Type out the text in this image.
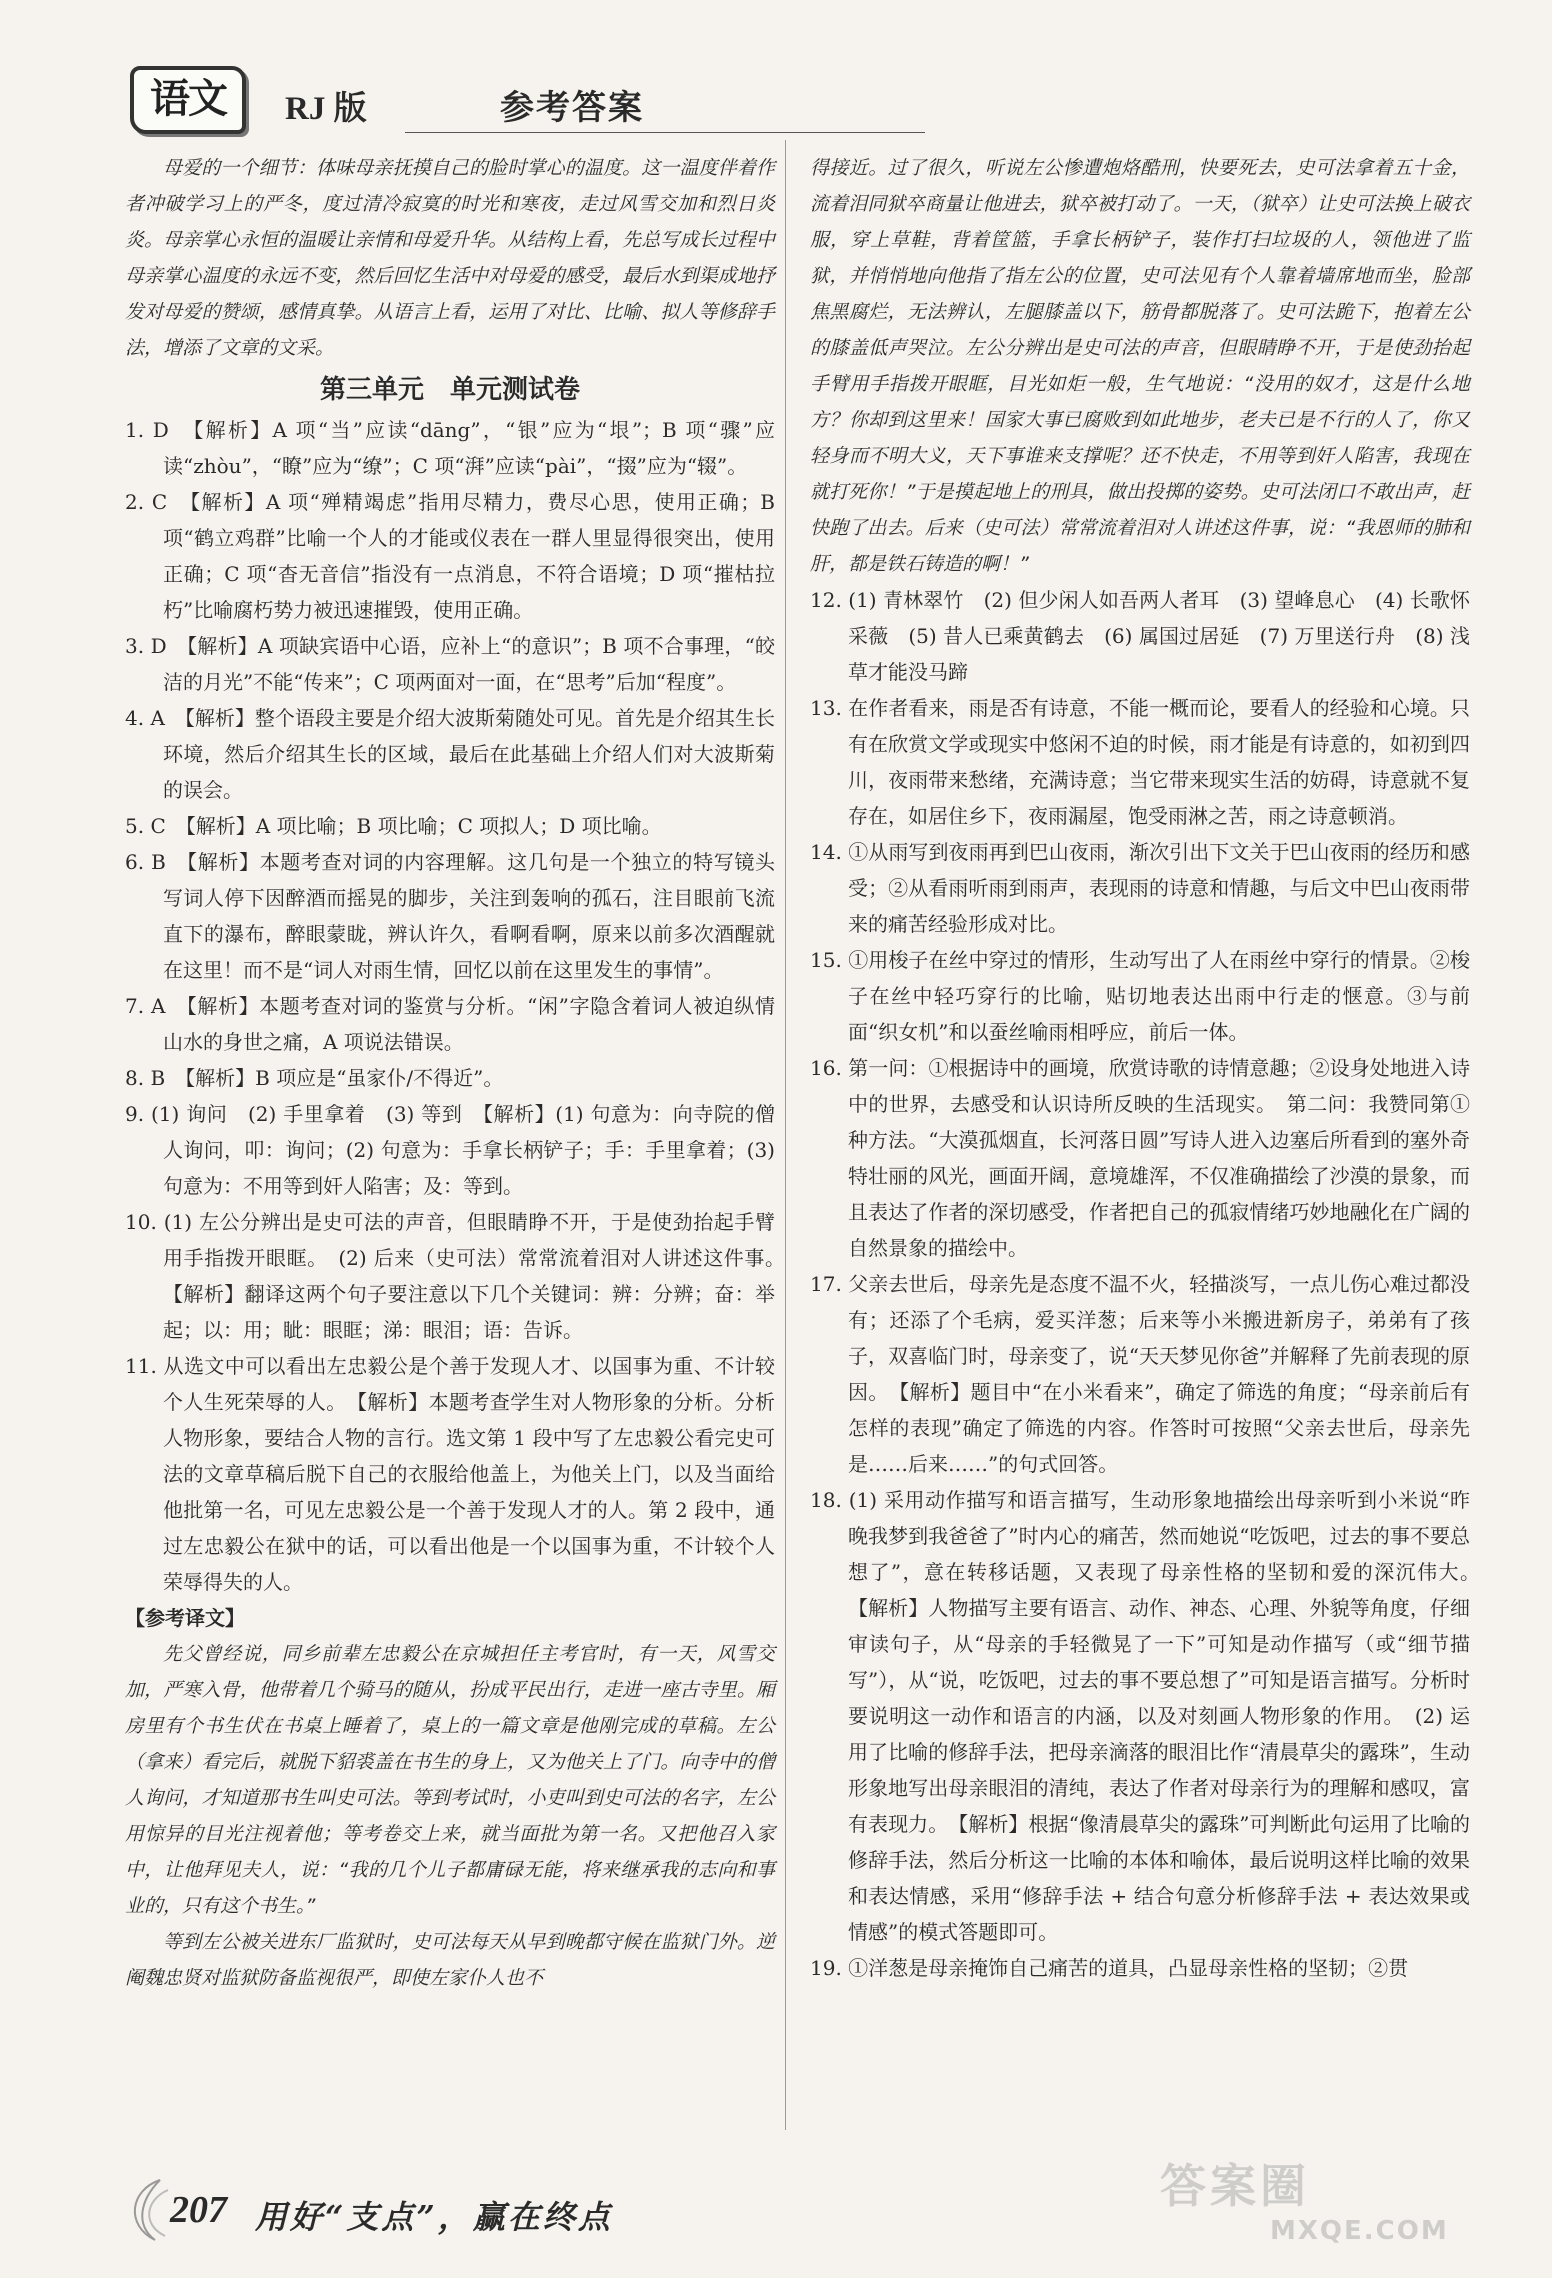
语文	RJ 版	参考答案

母爱的一个细节：体味母亲抚摸自己的脸时掌心的温度。这一温度伴着作者冲破学习上的严冬，度过清冷寂寞的时光和寒夜，走过风雪交加和烈日炎炎。母亲掌心永恒的温暖让亲情和母爱升华。从结构上看，先总写成长过程中母亲掌心温度的永远不变，然后回忆生活中对母爱的感受，最后水到渠成地抒发对母爱的赞颂，感情真挚。从语言上看，运用了对比、比喻、拟人等修辞手法，增添了文章的文采。

第三单元　单元测试卷

1. D　【解析】A 项“当”应读“dāng”，“银”应为“垠”；B 项“骤”应读“zhòu”，“瞭”应为“缭”；C 项“湃”应读“pài”，“掇”应为“辍”。

2. C　【解析】A 项“殚精竭虑”指用尽精力，费尽心思，使用正确；B 项“鹤立鸡群”比喻一个人的才能或仪表在一群人里显得很突出，使用正确；C 项“杳无音信”指没有一点消息，不符合语境；D 项“摧枯拉朽”比喻腐朽势力被迅速摧毁，使用正确。

3. D　【解析】A 项缺宾语中心语，应补上“的意识”；B 项不合事理，“皎洁的月光”不能“传来”；C 项两面对一面，在“思考”后加“程度”。

4. A　【解析】整个语段主要是介绍大波斯菊随处可见。首先是介绍其生长环境，然后介绍其生长的区域，最后在此基础上介绍人们对大波斯菊的误会。

5. C　【解析】A 项比喻；B 项比喻；C 项拟人；D 项比喻。

6. B　【解析】本题考查对词的内容理解。这几句是一个独立的特写镜头写词人停下因醉酒而摇晃的脚步，关注到轰响的孤石，注目眼前飞流直下的瀑布，醉眼蒙眬，辨认许久，看啊看啊，原来以前多次酒醒就在这里！而不是“词人对雨生情，回忆以前在这里发生的事情”。

7. A　【解析】本题考查对词的鉴赏与分析。“闲”字隐含着词人被迫纵情山水的身世之痛，A 项说法错误。

8. B　【解析】B 项应是“虽家仆/不得近”。

9. (1) 询问　(2) 手里拿着　(3) 等到　【解析】(1) 句意为：向寺院的僧人询问，叩：询问；(2) 句意为：手拿长柄铲子；手：手里拿着；(3) 句意为：不用等到奸人陷害；及：等到。

10. (1) 左公分辨出是史可法的声音，但眼睛睁不开，于是使劲抬起手臂用手指拨开眼眶。　(2) 后来（史可法）常常流着泪对人讲述这件事。　【解析】翻译这两个句子要注意以下几个关键词：辨：分辨；奋：举起；以：用；眦：眼眶；涕：眼泪；语：告诉。

11. 从选文中可以看出左忠毅公是个善于发现人才、以国事为重、不计较个人生死荣辱的人。　【解析】本题考查学生对人物形象的分析。分析人物形象，要结合人物的言行。选文第 1 段中写了左忠毅公看完史可法的文章草稿后脱下自己的衣服给他盖上，为他关上门，以及当面给他批第一名，可见左忠毅公是一个善于发现人才的人。第 2 段中，通过左忠毅公在狱中的话，可以看出他是一个以国事为重，不计较个人荣辱得失的人。

【参考译文】

先父曾经说，同乡前辈左忠毅公在京城担任主考官时，有一天，风雪交加，严寒入骨，他带着几个骑马的随从，扮成平民出行，走进一座古寺里。厢房里有个书生伏在书桌上睡着了，桌上的一篇文章是他刚完成的草稿。左公（拿来）看完后，就脱下貂裘盖在书生的身上，又为他关上了门。向寺中的僧人询问，才知道那书生叫史可法。等到考试时，小吏叫到史可法的名字，左公用惊异的目光注视着他；等考卷交上来，就当面批为第一名。又把他召入家中，让他拜见夫人，说：“我的几个儿子都庸碌无能，将来继承我的志向和事业的，只有这个书生。”

等到左公被关进东厂监狱时，史可法每天从早到晚都守候在监狱门外。逆阉魏忠贤对监狱防备监视很严，即使左家仆人也不

得接近。过了很久，听说左公惨遭炮烙酷刑，快要死去，史可法拿着五十金，流着泪同狱卒商量让他进去，狱卒被打动了。一天，（狱卒）让史可法换上破衣服，穿上草鞋，背着筐篮，手拿长柄铲子，装作打扫垃圾的人，领他进了监狱，并悄悄地向他指了指左公的位置，史可法见有个人靠着墙席地而坐，脸部焦黑腐烂，无法辨认，左腿膝盖以下，筋骨都脱落了。史可法跪下，抱着左公的膝盖低声哭泣。左公分辨出是史可法的声音，但眼睛睁不开，于是使劲抬起手臂用手指拨开眼眶，目光如炬一般，生气地说：“没用的奴才，这是什么地方？你却到这里来！国家大事已腐败到如此地步，老夫已是不行的人了，你又轻身而不明大义，天下事谁来支撑呢？还不快走，不用等到奸人陷害，我现在就打死你！”于是摸起地上的刑具，做出投掷的姿势。史可法闭口不敢出声，赶快跑了出去。后来（史可法）常常流着泪对人讲述这件事，说：“我恩师的肺和肝，都是铁石铸造的啊！”

12. (1) 青林翠竹　(2) 但少闲人如吾两人者耳　(3) 望峰息心　(4) 长歌怀采薇　(5) 昔人已乘黄鹤去　(6) 属国过居延　(7) 万里送行舟　(8) 浅草才能没马蹄

13. 在作者看来，雨是否有诗意，不能一概而论，要看人的经验和心境。只有在欣赏文学或现实中悠闲不迫的时候，雨才能是有诗意的，如初到四川，夜雨带来愁绪，充满诗意；当它带来现实生活的妨碍，诗意就不复存在，如居住乡下，夜雨漏屋，饱受雨淋之苦，雨之诗意顿消。

14. ①从雨写到夜雨再到巴山夜雨，渐次引出下文关于巴山夜雨的经历和感受；②从看雨听雨到雨声，表现雨的诗意和情趣，与后文中巴山夜雨带来的痛苦经验形成对比。

15. ①用梭子在丝中穿过的情形，生动写出了人在雨丝中穿行的情景。②梭子在丝中轻巧穿行的比喻，贴切地表达出雨中行走的惬意。③与前面“织女机”和以蚕丝喻雨相呼应，前后一体。

16. 第一问：①根据诗中的画境，欣赏诗歌的诗情意趣；②设身处地进入诗中的世界，去感受和认识诗所反映的生活现实。　第二问：我赞同第①种方法。“大漠孤烟直，长河落日圆”写诗人进入边塞后所看到的塞外奇特壮丽的风光，画面开阔，意境雄浑，不仅准确描绘了沙漠的景象，而且表达了作者的深切感受，作者把自己的孤寂情绪巧妙地融化在广阔的自然景象的描绘中。

17. 父亲去世后，母亲先是态度不温不火，轻描淡写，一点儿伤心难过都没有；还添了个毛病，爱买洋葱；后来等小米搬进新房子，弟弟有了孩子，双喜临门时，母亲变了，说“天天梦见你爸”并解释了先前表现的原因。　【解析】题目中“在小米看来”，确定了筛选的角度；“母亲前后有怎样的表现”确定了筛选的内容。作答时可按照“父亲去世后，母亲先是……后来……”的句式回答。

18. (1) 采用动作描写和语言描写，生动形象地描绘出母亲听到小米说“昨晚我梦到我爸爸了”时内心的痛苦，然而她说“吃饭吧，过去的事不要总想了”，意在转移话题，又表现了母亲性格的坚韧和爱的深沉伟大。　【解析】人物描写主要有语言、动作、神态、心理、外貌等角度，仔细审读句子，从“母亲的手轻微晃了一下”可知是动作描写（或“细节描写”），从“说，吃饭吧，过去的事不要总想了”可知是语言描写。分析时要说明这一动作和语言的内涵，以及对刻画人物形象的作用。　(2) 运用了比喻的修辞手法，把母亲滴落的眼泪比作“清晨草尖的露珠”，生动形象地写出母亲眼泪的清纯，表达了作者对母亲行为的理解和感叹，富有表现力。　【解析】根据“像清晨草尖的露珠”可判断此句运用了比喻的修辞手法，然后分析这一比喻的本体和喻体，最后说明这样比喻的效果和表达情感，采用“修辞手法 + 结合句意分析修辞手法 + 表达效果或情感”的模式答题即可。

19. ①洋葱是母亲掩饰自己痛苦的道具，凸显母亲性格的坚韧；②贯

207 用好“支点”，赢在终点
答案圈
MXQE.COM
